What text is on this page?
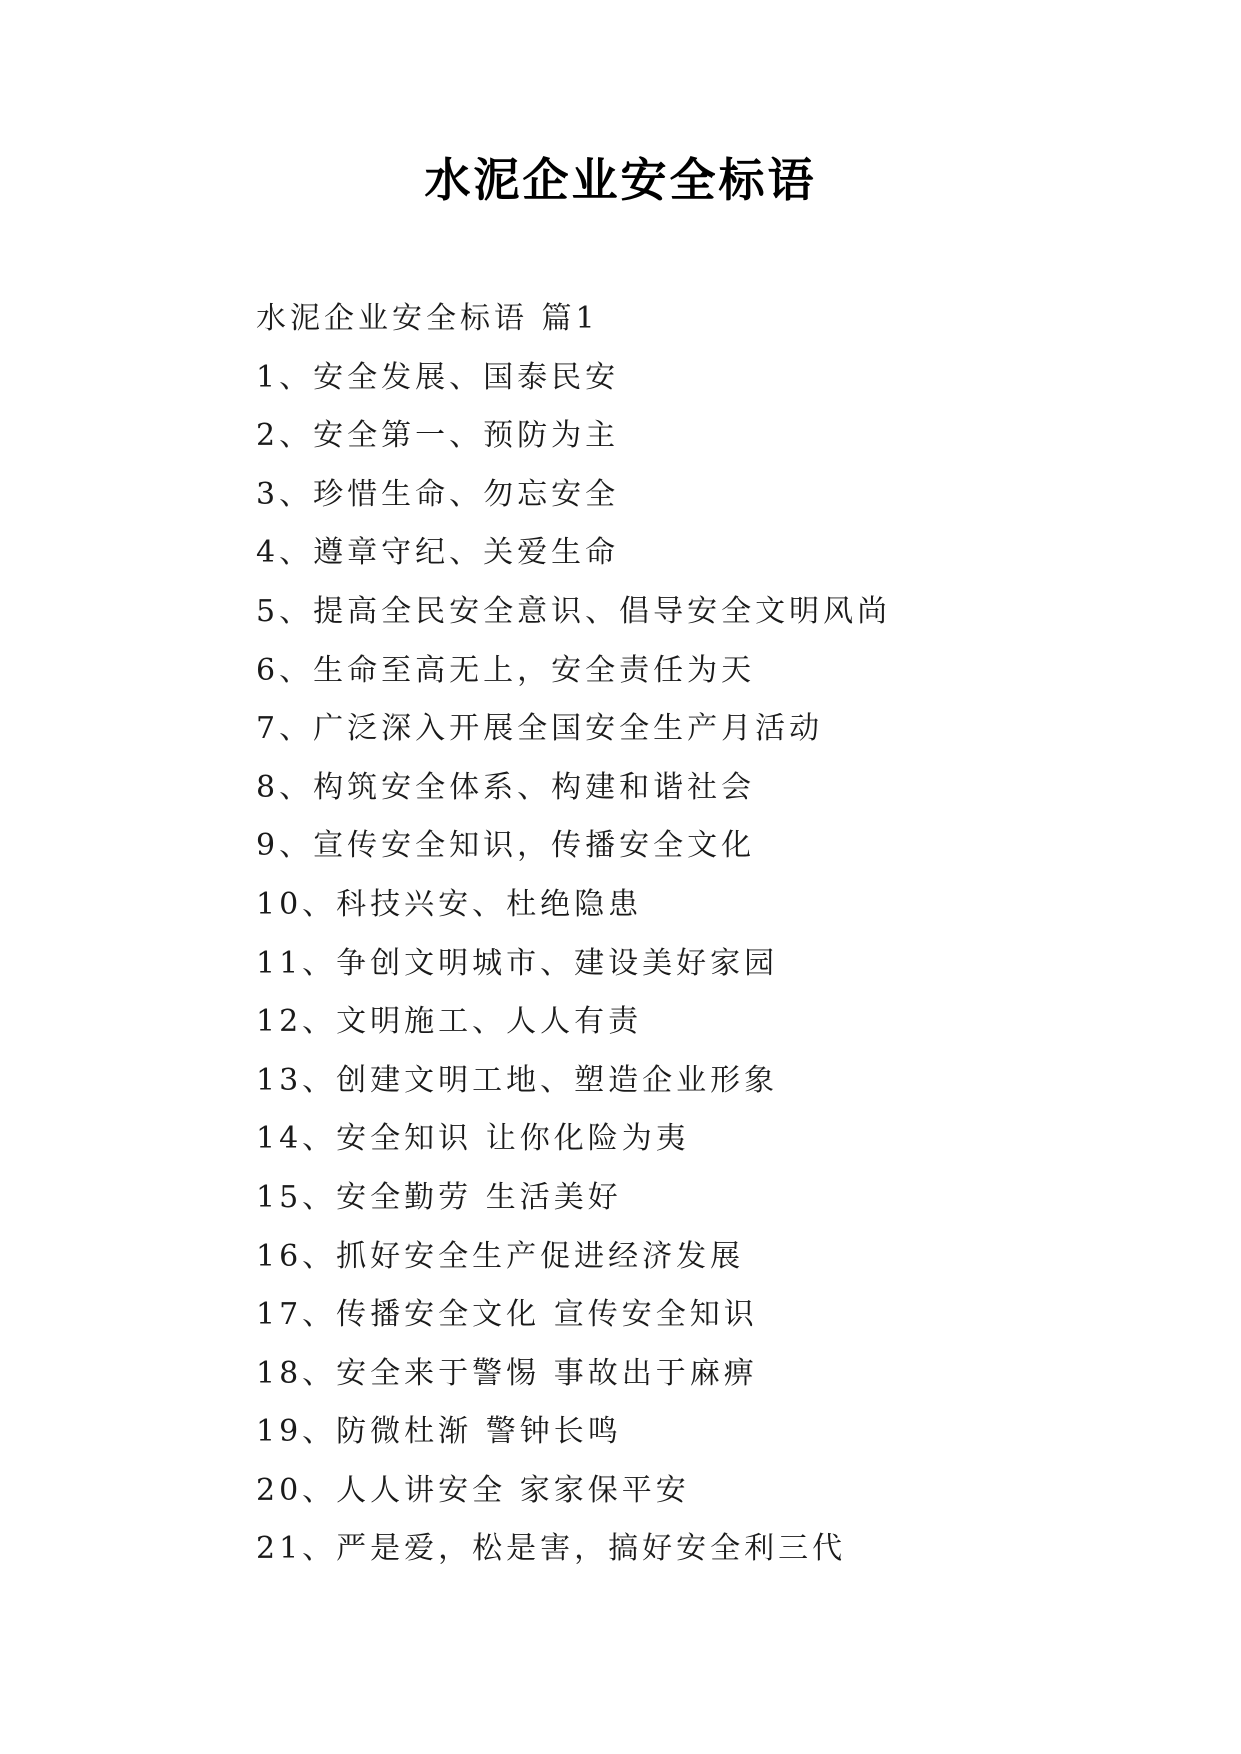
水泥企业安全标语
水泥企业安全标语 篇1
1、安全发展、国泰民安
2、安全第一、预防为主
3、珍惜生命、勿忘安全
4、遵章守纪、关爱生命
5、提高全民安全意识、倡导安全文明风尚
6、生命至高无上，安全责任为天
7、广泛深入开展全国安全生产月活动
8、构筑安全体系、构建和谐社会
9、宣传安全知识，传播安全文化
10、科技兴安、杜绝隐患
11、争创文明城市、建设美好家园
12、文明施工、人人有责
13、创建文明工地、塑造企业形象
14、安全知识 让你化险为夷
15、安全勤劳 生活美好
16、抓好安全生产促进经济发展
17、传播安全文化 宣传安全知识
18、安全来于警惕 事故出于麻痹
19、防微杜渐 警钟长鸣
20、人人讲安全 家家保平安
21、严是爱，松是害，搞好安全利三代
